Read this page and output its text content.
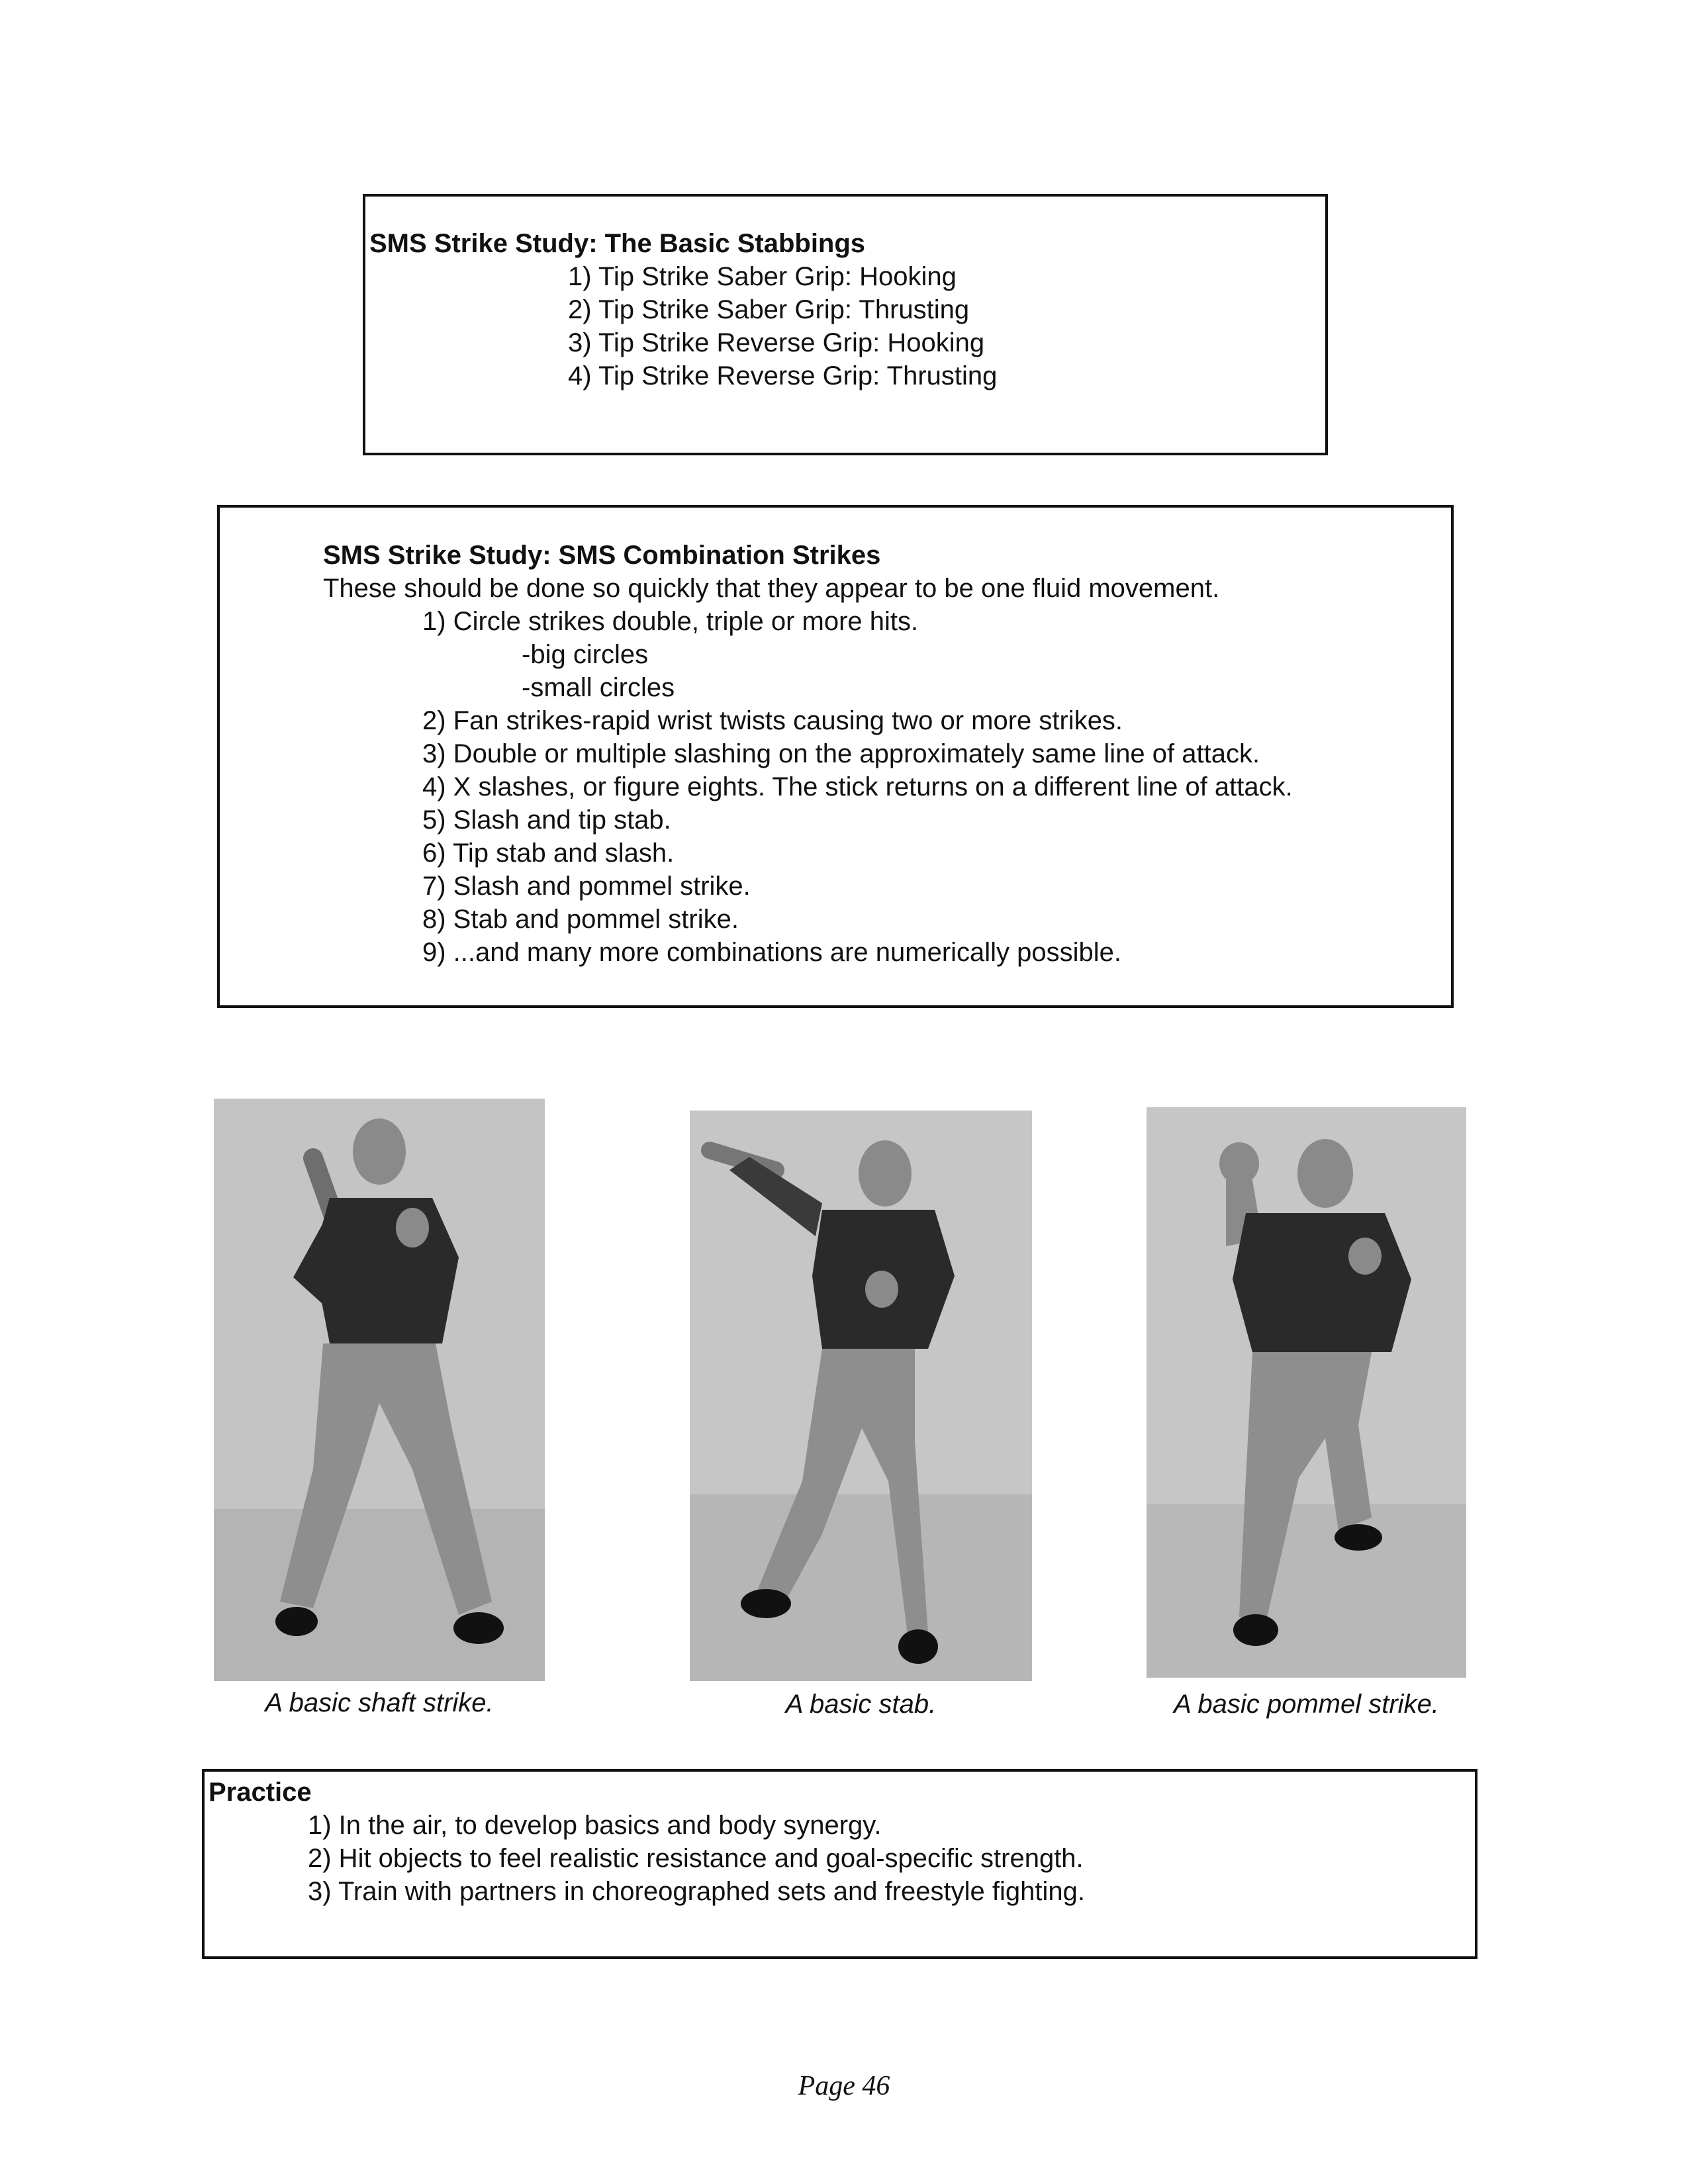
SMS Strike Study: The Basic Stabbings
1) Tip Strike Saber Grip: Hooking
2) Tip Strike Saber Grip: Thrusting
3) Tip Strike Reverse Grip: Hooking
4) Tip Strike Reverse Grip: Thrusting
SMS Strike Study: SMS Combination Strikes
These should be done so quickly that they appear to be one fluid movement.
1) Circle strikes double, triple or more hits.
-big circles
-small circles
2) Fan strikes-rapid wrist twists causing two or more strikes.
3) Double or multiple slashing on the approximately same line of attack.
4) X slashes, or figure eights. The stick returns on a different line of attack.
5) Slash and tip stab.
6) Tip stab and slash.
7) Slash and pommel strike.
8) Stab and pommel strike.
9) ...and many more combinations are numerically possible.
A basic shaft strike.	A basic stab.	A basic pommel strike.
Practice
1) In the air, to develop basics and body synergy.
2) Hit objects to feel realistic resistance and goal-specific strength.
3) Train with partners in choreographed sets and freestyle fighting.
Page 46
